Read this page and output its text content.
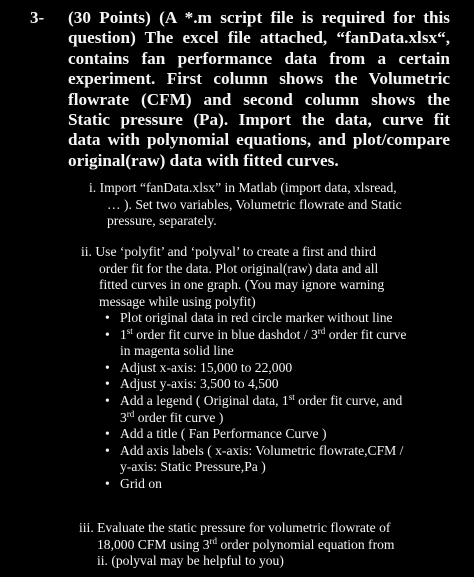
3- (30 Points) (A *.m script file is required for this
question) The excel file attached, “fanData.xlsx“,
contains fan performance data from a certain
experiment. First column shows the Volumetric
flowrate (CFM) and second column shows the
Static pressure (Pa). Import the data, curve fit
data with polynomial equations, and plot/compare
original(raw) data with fitted curves.
i. Import “fanData.xlsx” in Matlab (import data, xlsread,
… ). Set two variables, Volumetric flowrate and Static
pressure, separately.
ii. Use ‘polyfit’ and ‘polyval’ to create a first and third
order fit for the data. Plot original(raw) data and all
fitted curves in one graph. (You may ignore warning
message while using polyfit)
• Plot original data in red circle marker without line
• 1st order fit curve in blue dashdot / 3rd order fit curve
in magenta solid line
• Adjust x-axis: 15,000 to 22,000
• Adjust y-axis: 3,500 to 4,500
• Add a legend ( Original data, 1st order fit curve, and
3rd order fit curve )
• Add a title ( Fan Performance Curve )
• Add axis labels ( x-axis: Volumetric flowrate,CFM /
y-axis: Static Pressure,Pa )
• Grid on
iii. Evaluate the static pressure for volumetric flowrate of
18,000 CFM using 3rd order polynomial equation from
ii. (polyval may be helpful to you)
